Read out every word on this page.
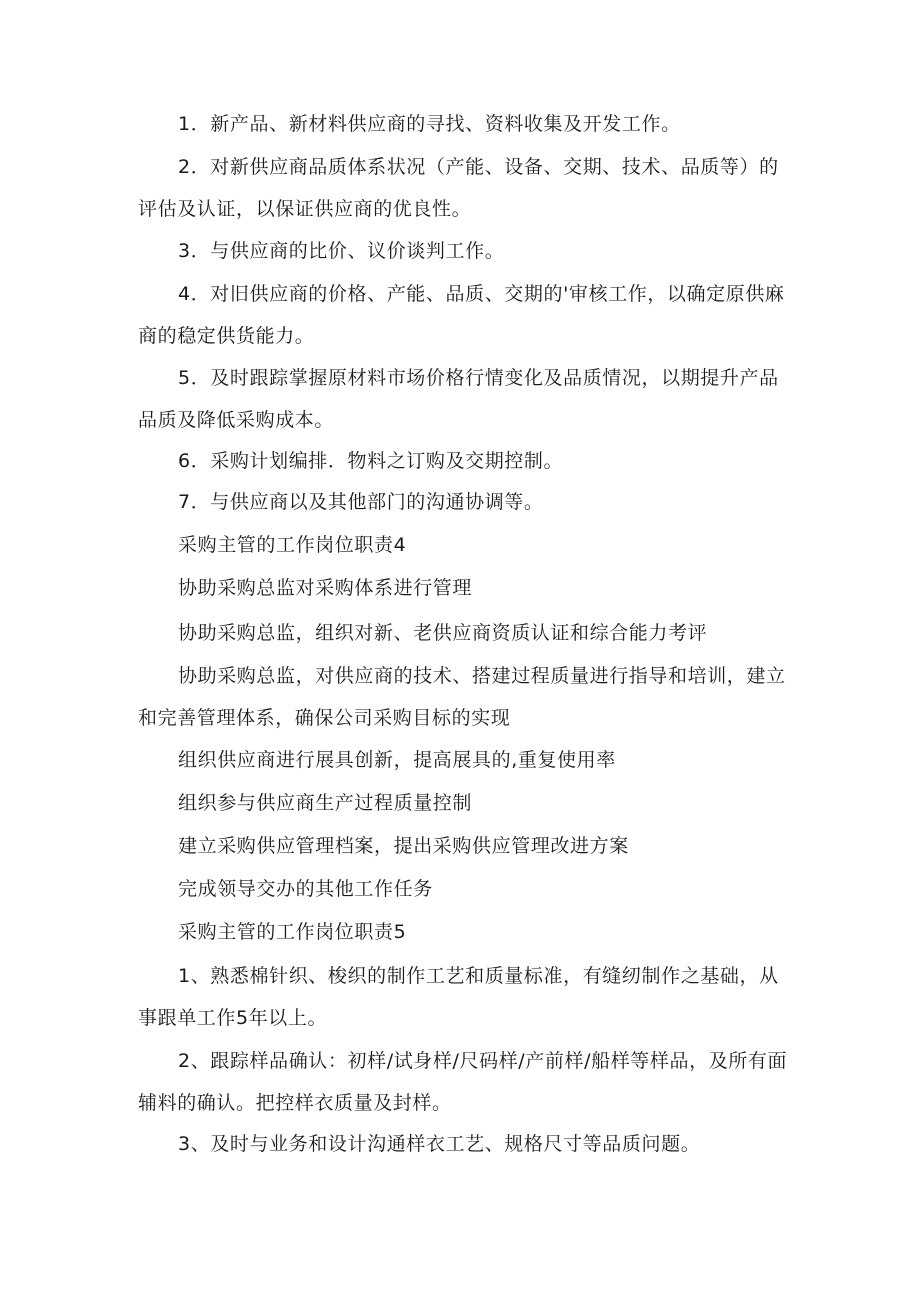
1．新产品、新材料供应商的寻找、资料收集及开发工作。

2．对新供应商品质体系状况（产能、设备、交期、技术、品质等）的评估及认证，以保证供应商的优良性。

3．与供应商的比价、议价谈判工作。

4．对旧供应商的价格、产能、品质、交期的'审核工作，以确定原供麻商的稳定供货能力。

5．及时跟踪掌握原材料市场价格行情变化及品质情况，以期提升产品品质及降低采购成本。

6．采购计划编排．物料之订购及交期控制。

7．与供应商以及其他部门的沟通协调等。

采购主管的工作岗位职责4

协助采购总监对采购体系进行管理

协助采购总监，组织对新、老供应商资质认证和综合能力考评

协助采购总监，对供应商的技术、搭建过程质量进行指导和培训，建立和完善管理体系，确保公司采购目标的实现

组织供应商进行展具创新，提高展具的,重复使用率

组织参与供应商生产过程质量控制

建立采购供应管理档案，提出采购供应管理改进方案

完成领导交办的其他工作任务

采购主管的工作岗位职责5

1、熟悉棉针织、梭织的制作工艺和质量标准，有缝纫制作之基础，从事跟单工作5年以上。

2、跟踪样品确认：初样/试身样/尺码样/产前样/船样等样品，及所有面辅料的确认。把控样衣质量及封样。

3、及时与业务和设计沟通样衣工艺、规格尺寸等品质问题。
